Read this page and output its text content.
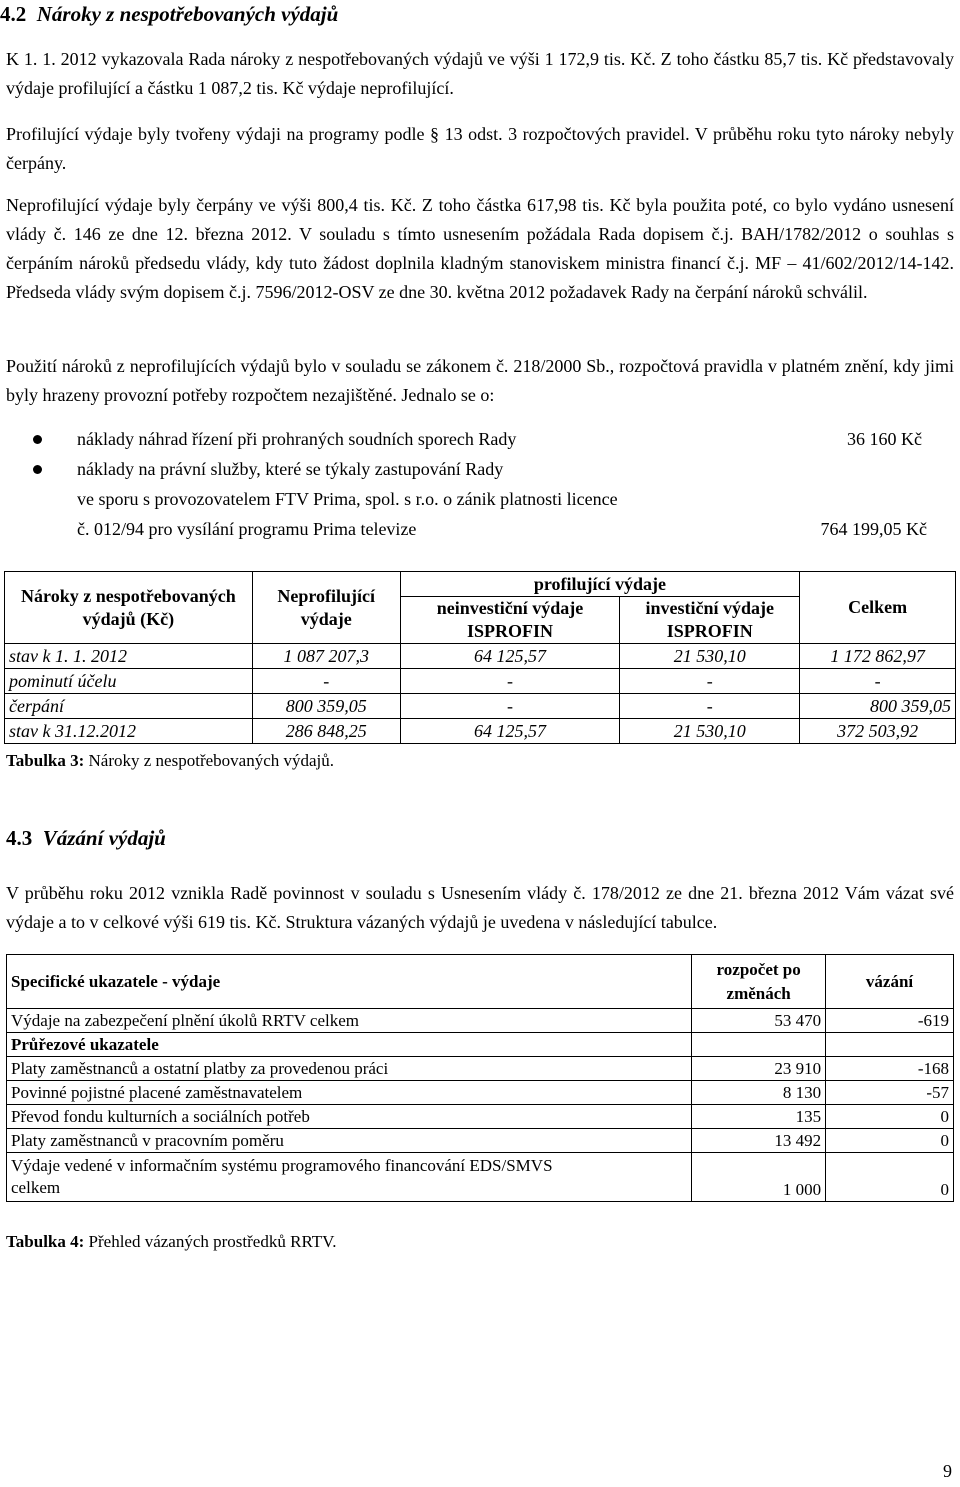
4.2 Nároky z nespotřebovaných výdajů

K 1. 1. 2012 vykazovala Rada nároky z nespotřebovaných výdajů ve výši 1 172,9 tis. Kč. Z toho částku 85,7 tis. Kč představovaly výdaje profilující a částku 1 087,2 tis. Kč výdaje neprofilující.

Profilující výdaje byly tvořeny výdaji na programy podle § 13 odst. 3 rozpočtových pravidel. V průběhu roku tyto nároky nebyly čerpány.

Neprofilující výdaje byly čerpány ve výši 800,4 tis. Kč. Z toho částka 617,98 tis. Kč byla použita poté, co bylo vydáno usnesení vlády č. 146 ze dne 12. března 2012. V souladu s tímto usnesením požádala Rada dopisem č.j. BAH/1782/2012 o souhlas s čerpáním nároků předsedu vlády, kdy tuto žádost doplnila kladným stanoviskem ministra financí č.j. MF – 41/602/2012/14-142. Předseda vlády svým dopisem č.j. 7596/2012-OSV ze dne 30. května 2012 požadavek Rady na čerpání nároků schválil.

Použití nároků z neprofilujících výdajů bylo v souladu se zákonem č. 218/2000 Sb., rozpočtová pravidla v platném znění, kdy jimi byly hrazeny provozní potřeby rozpočtem nezajištěné. Jednalo se o:

náklady náhrad řízení při prohraných soudních sporech Rady	36 160 Kč
náklady na právní služby, které se týkaly zastupování Rady
ve sporu s provozovatelem FTV Prima, spol. s r.o. o zánik platnosti licence
č. 012/94 pro vysílání programu Prima televize	764 199,05 Kč
Nároky z nespotřebovaných výdajů (Kč)	Neprofilující výdaje	profilující výdaje		Celkem
		neinvestiční výdaje ISPROFIN	investiční výdaje ISPROFIN	
stav k 1. 1. 2012	1 087 207,3	64 125,57	21 530,10	1 172 862,97
pominutí účelu	-	-	-	-
čerpání	800 359,05	-	-	800 359,05
stav k 31.12.2012	286 848,25	64 125,57	21 530,10	372 503,92
Tabulka 3: Nároky z nespotřebovaných výdajů.
4.3 Vázání výdajů

V průběhu roku 2012 vznikla Radě povinnost v souladu s Usnesením vlády č. 178/2012 ze dne 21. března 2012 Vám vázat své výdaje a to v celkové výši 619 tis. Kč. Struktura vázaných výdajů je uvedena v následující tabulce.

Specifické ukazatele - výdaje	rozpočet po změnách	vázání
Výdaje na zabezpečení plnění úkolů RRTV celkem	53 470	-619
Průřezové ukazatele		
Platy zaměstnanců a ostatní platby za provedenou práci	23 910	-168
Povinné pojistné placené zaměstnavatelem	8 130	-57
Převod fondu kulturních a sociálních potřeb	135	0
Platy zaměstnanců v pracovním poměru	13 492	0

Výdaje vedené v informačním systému programového financování EDS/SMVS
celkem	1 000	0
Tabulka 4: Přehled vázaných prostředků RRTV.
9
